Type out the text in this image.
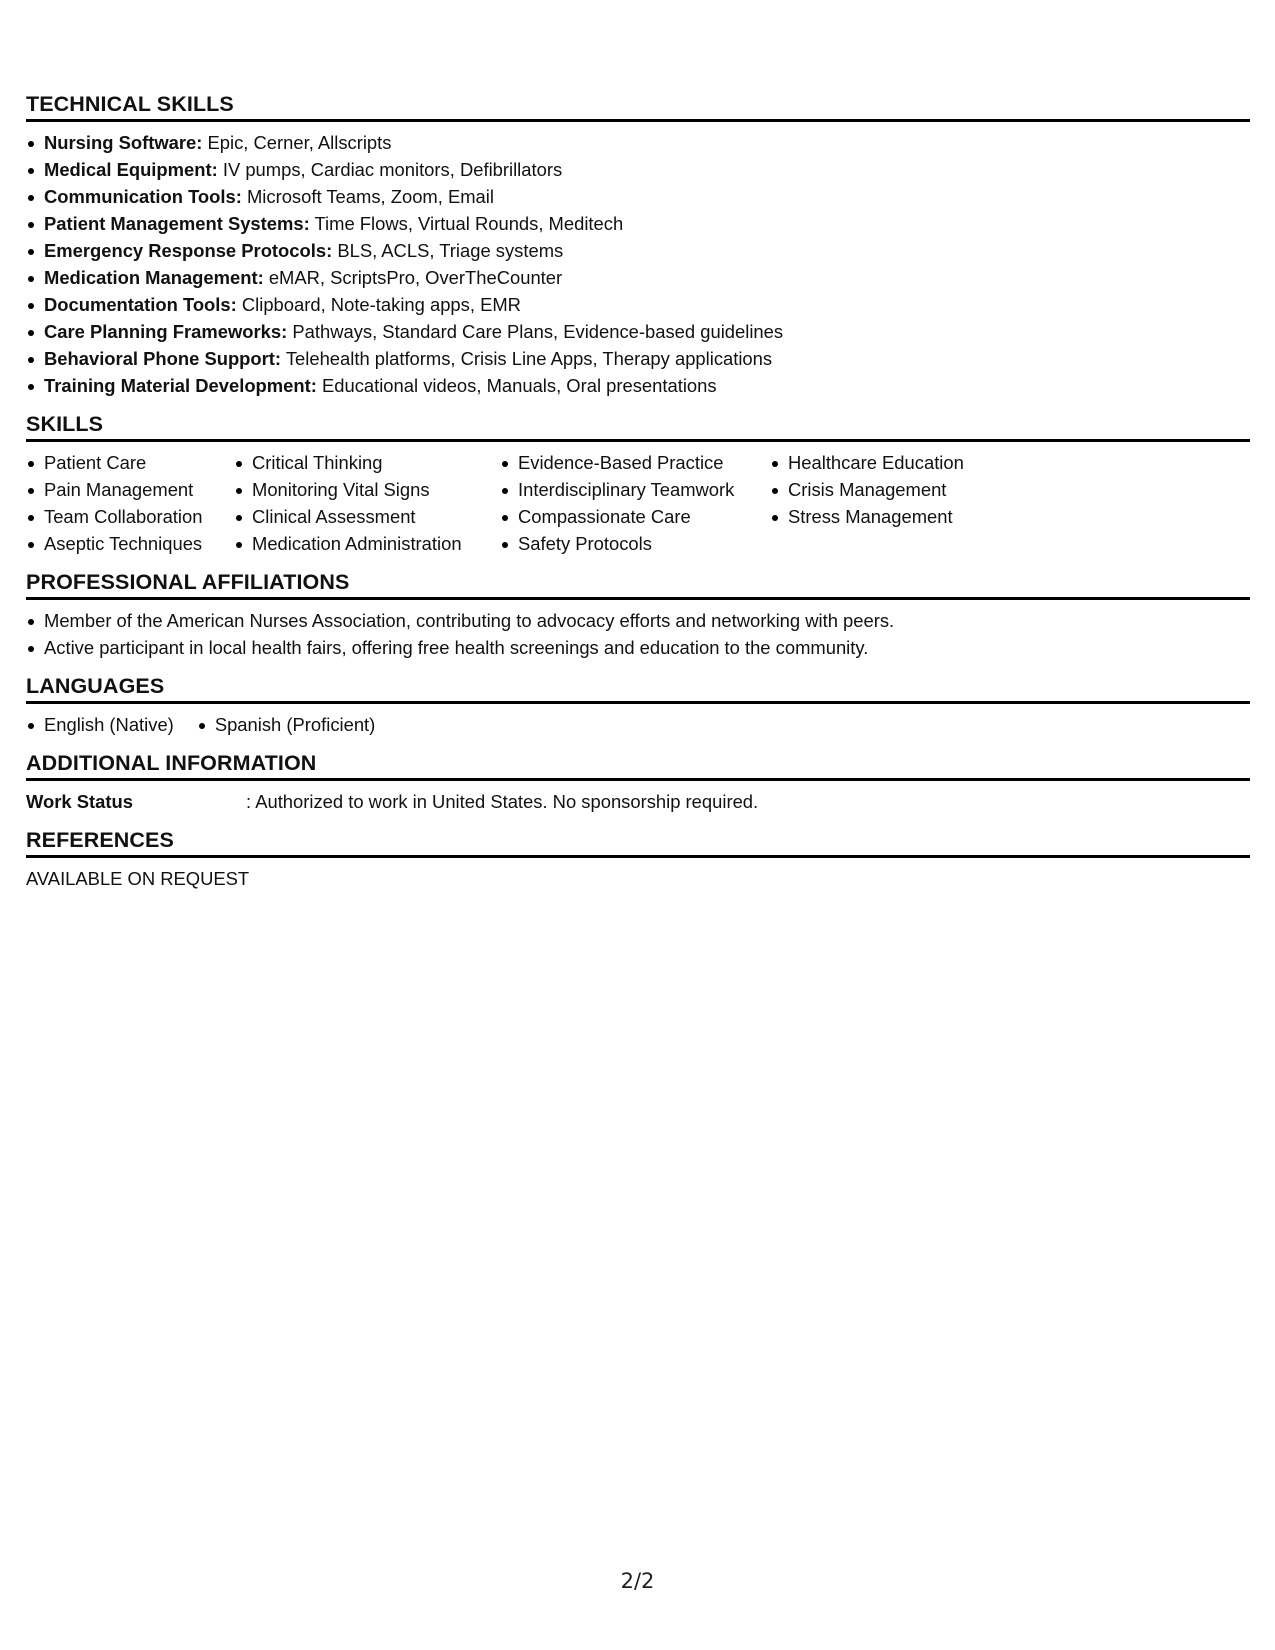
TECHNICAL SKILLS
Nursing Software: Epic, Cerner, Allscripts
Medical Equipment: IV pumps, Cardiac monitors, Defibrillators
Communication Tools: Microsoft Teams, Zoom, Email
Patient Management Systems: Time Flows, Virtual Rounds, Meditech
Emergency Response Protocols: BLS, ACLS, Triage systems
Medication Management: eMAR, ScriptsPro, OverTheCounter
Documentation Tools: Clipboard, Note-taking apps, EMR
Care Planning Frameworks: Pathways, Standard Care Plans, Evidence-based guidelines
Behavioral Phone Support: Telehealth platforms, Crisis Line Apps, Therapy applications
Training Material Development: Educational videos, Manuals, Oral presentations
SKILLS
Patient Care
Pain Management
Team Collaboration
Aseptic Techniques
Critical Thinking
Monitoring Vital Signs
Clinical Assessment
Medication Administration
Evidence-Based Practice
Interdisciplinary Teamwork
Compassionate Care
Safety Protocols
Healthcare Education
Crisis Management
Stress Management
PROFESSIONAL AFFILIATIONS
Member of the American Nurses Association, contributing to advocacy efforts and networking with peers.
Active participant in local health fairs, offering free health screenings and education to the community.
LANGUAGES
English (Native)	Spanish (Proficient)
ADDITIONAL INFORMATION
Work Status	: Authorized to work in United States. No sponsorship required.
REFERENCES
AVAILABLE ON REQUEST
2/2
